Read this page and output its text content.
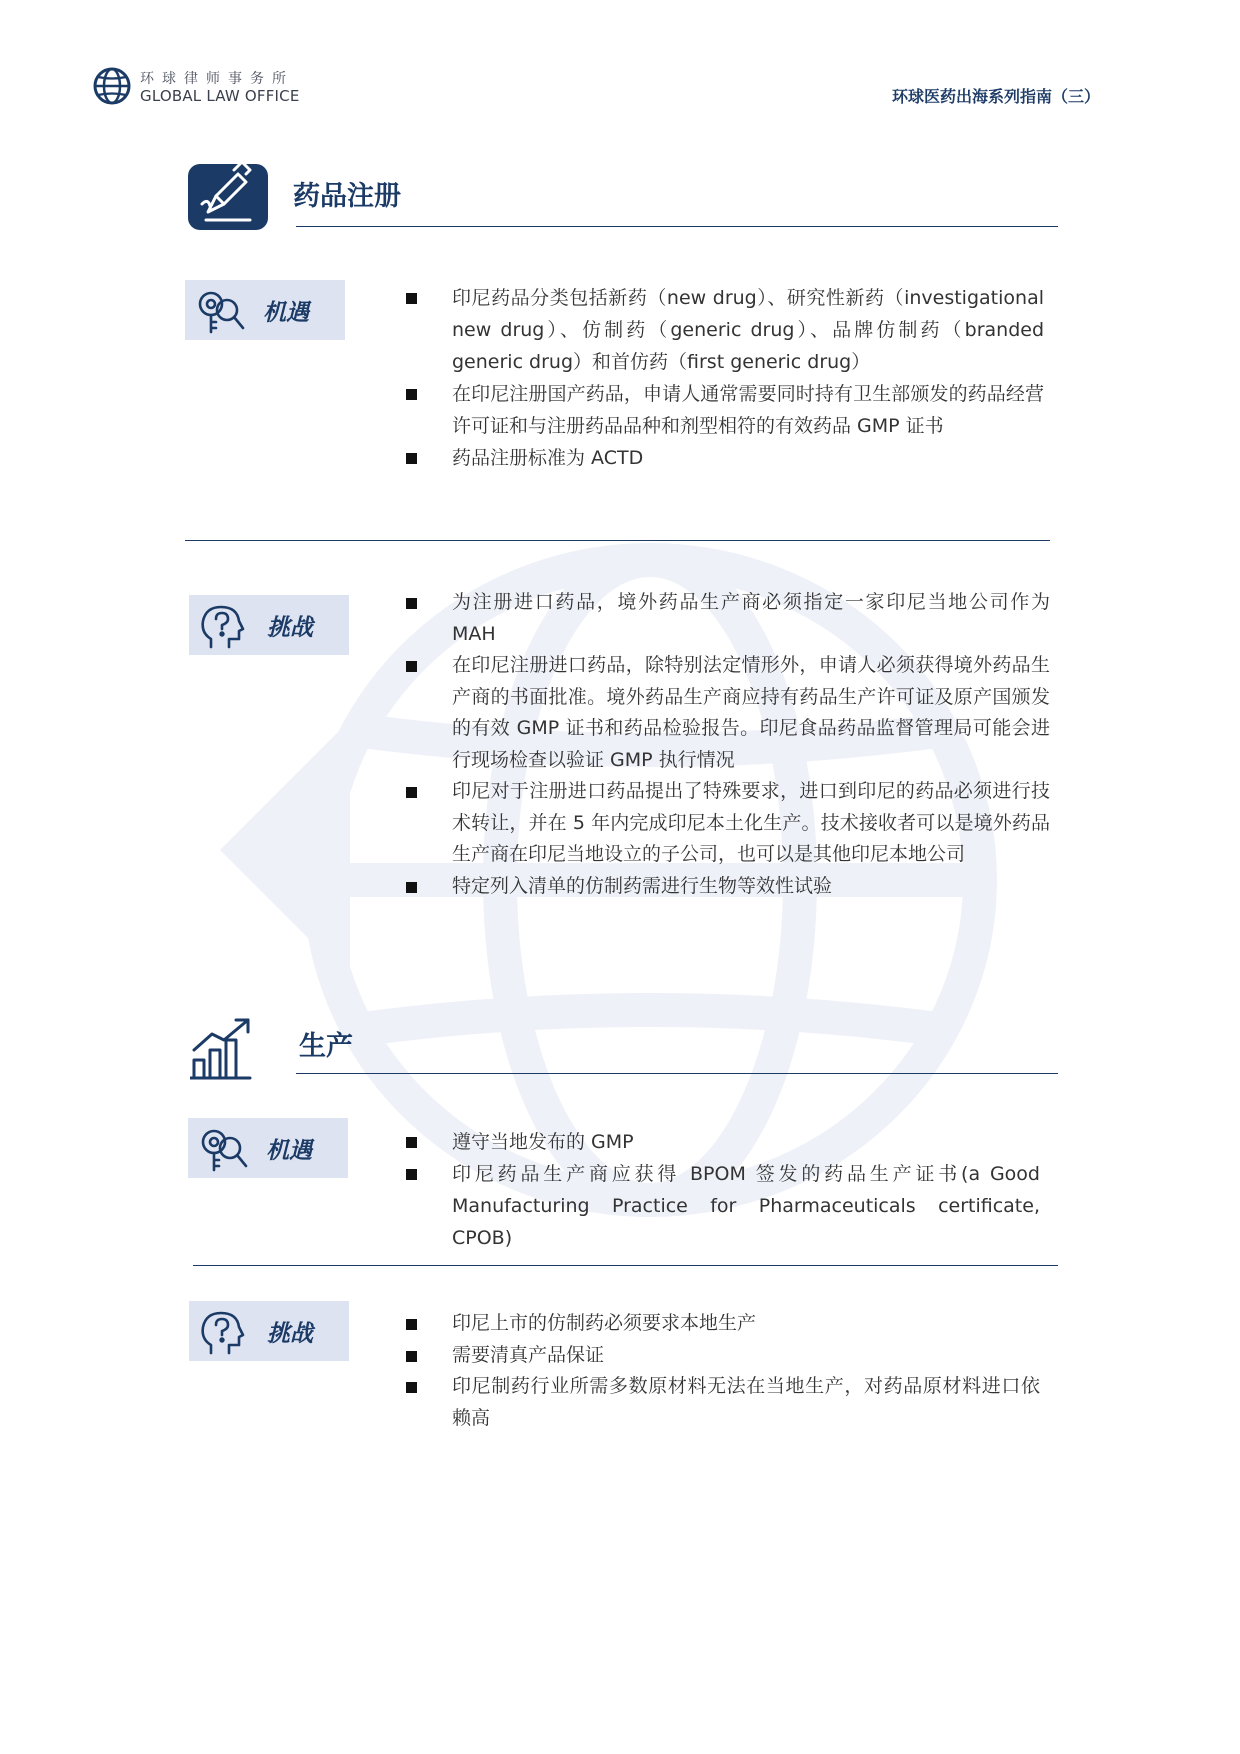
环球律师事务所
GLOBAL LAW OFFICE	环球医药出海系列指南（三）
药品注册
机遇
印尼药品分类包括新药（new drug）、研究性新药（investigational new drug）、仿制药（generic drug）、品牌仿制药（branded generic drug）和首仿药（first generic drug）
在印尼注册国产药品，申请人通常需要同时持有卫生部颁发的药品经营许可证和与注册药品品种和剂型相符的有效药品 GMP 证书
药品注册标准为 ACTD
挑战
为注册进口药品，境外药品生产商必须指定一家印尼当地公司作为 MAH
在印尼注册进口药品，除特别法定情形外，申请人必须获得境外药品生产商的书面批准。境外药品生产商应持有药品生产许可证及原产国颁发的有效 GMP 证书和药品检验报告。印尼食品药品监督管理局可能会进行现场检查以验证 GMP 执行情况
印尼对于注册进口药品提出了特殊要求，进口到印尼的药品必须进行技术转让，并在 5 年内完成印尼本土化生产。技术接收者可以是境外药品生产商在印尼当地设立的子公司，也可以是其他印尼本地公司
特定列入清单的仿制药需进行生物等效性试验
生产
机遇	遵守当地发布的 GMP
印尼药品生产商应获得 BPOM 签发的药品生产证书(a Good Manufacturing Practice for Pharmaceuticals certificate, CPOB)
挑战	印尼上市的仿制药必须要求本地生产
需要清真产品保证
印尼制药行业所需多数原材料无法在当地生产，对药品原材料进口依赖高
